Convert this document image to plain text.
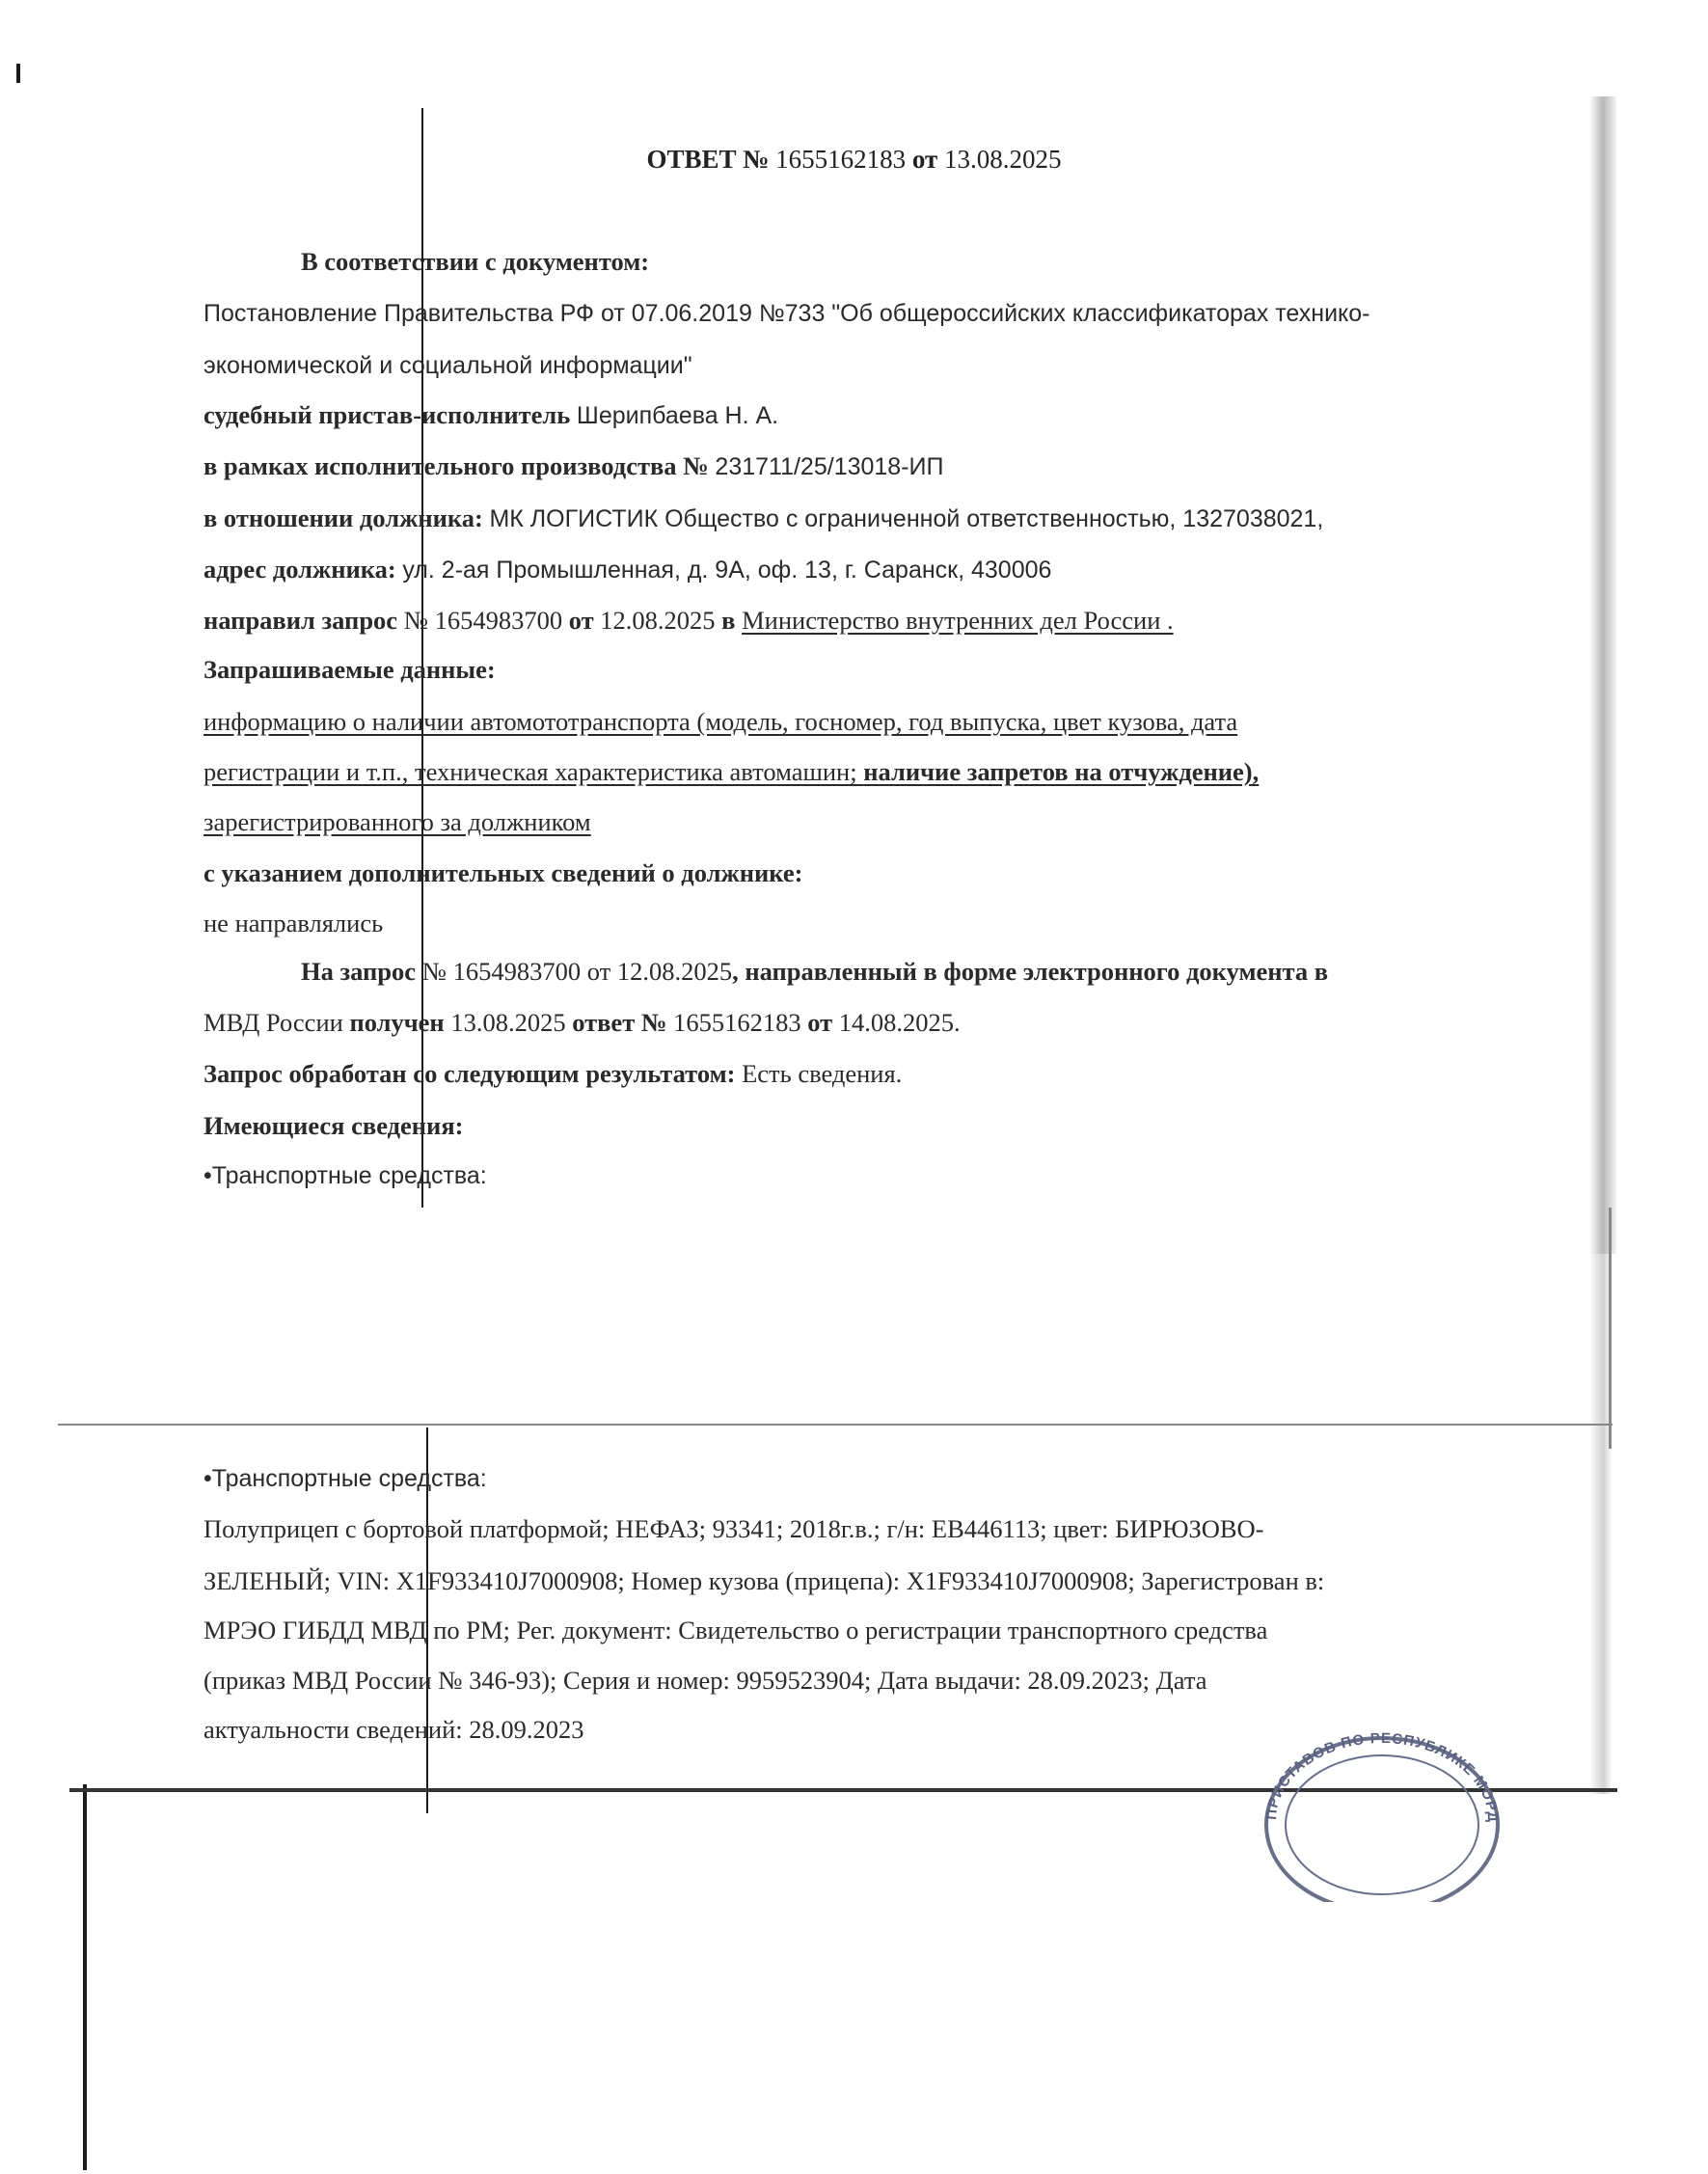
ОТВЕТ № 1655162183 от 13.08.2025
В соответствии с документом:
Постановление Правительства РФ от 07.06.2019 №733 "Об общероссийских классификаторах технико-
экономической и социальной информации"
судебный пристав-исполнитель Шерипбаева Н. А.
в рамках исполнительного производства № 231711/25/13018-ИП
в отношении должника: МК ЛОГИСТИК Общество с ограниченной ответственностью, 1327038021,
адрес должника: ул. 2-ая Промышленная, д. 9А, оф. 13, г. Саранск, 430006
направил запрос № 1654983700 от 12.08.2025 в Министерство внутренних дел России .
Запрашиваемые данные:
информацию о наличии автомототранспорта (модель, госномер, год выпуска, цвет кузова, дата
регистрации и т.п., техническая характеристика автомашин; наличие запретов на отчуждение),
зарегистрированного за должником
с указанием дополнительных сведений о должнике:
не направлялись
На запрос № 1654983700 от 12.08.2025, направленный в форме электронного документа в
МВД России получен 13.08.2025 ответ № 1655162183 от 14.08.2025.
Запрос обработан со следующим результатом: Есть сведения.
Имеющиеся сведения:
•Транспортные средства:
•Транспортные средства:
Полуприцеп с бортовой платформой; НЕФАЗ; 93341; 2018г.в.; г/н: ЕВ446113; цвет: БИРЮЗОВО-
ЗЕЛЕНЫЙ; VIN: X1F933410J7000908; Номер кузова (прицепа): X1F933410J7000908; Зарегистрован в:
МРЭО ГИБДД МВД по РМ; Рег. документ: Свидетельство о регистрации транспортного средства
(приказ МВД России № 346-93); Серия и номер: 9959523904; Дата выдачи: 28.09.2023; Дата
актуальности сведений: 28.09.2023
ПРИСТАВОВ ПО РЕСПУБЛИКЕ МОРД
